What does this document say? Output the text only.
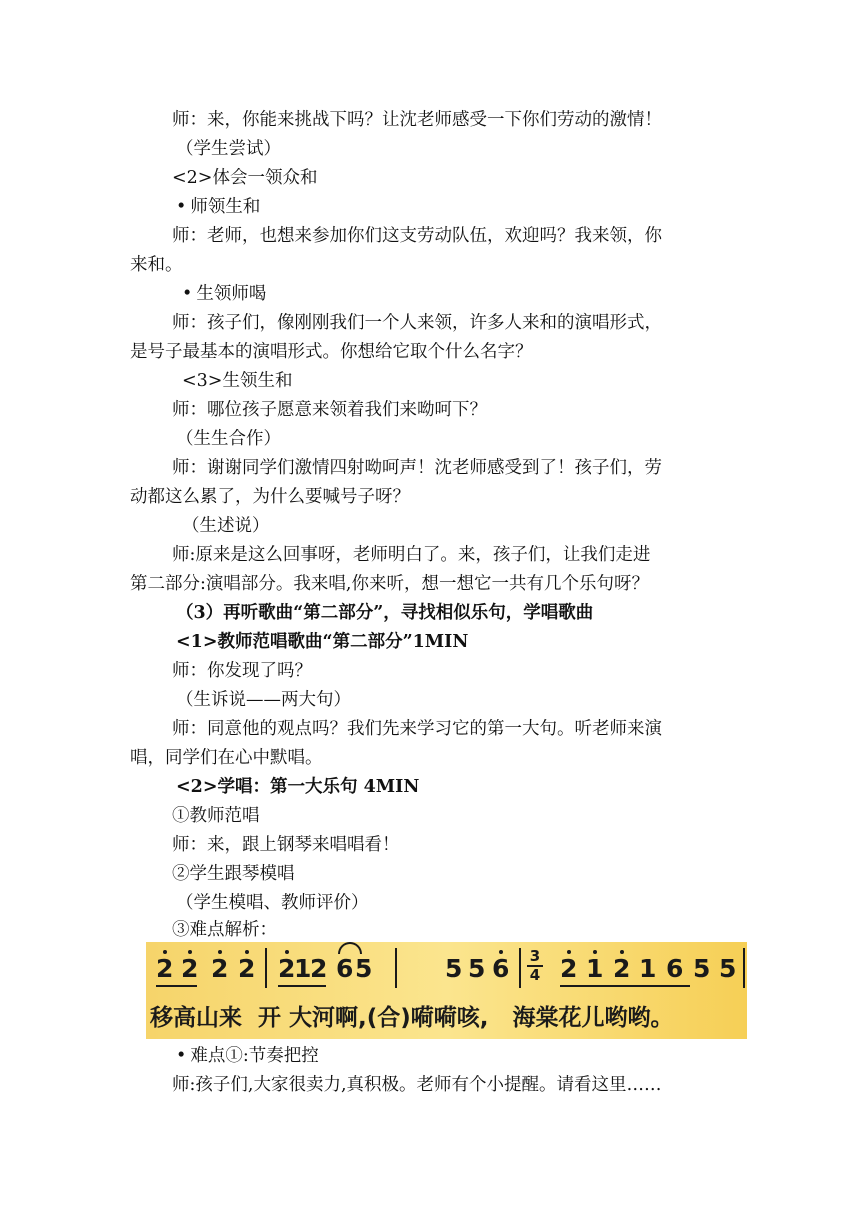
师：来，你能来挑战下吗？让沈老师感受一下你们劳动的激情！
（学生尝试）
<2>体会一领众和
• 师领生和
师：老师，也想来参加你们这支劳动队伍，欢迎吗？我来领，你
来和。
• 生领师喝
师：孩子们，像刚刚我们一个人来领，许多人来和的演唱形式，
是号子最基本的演唱形式。你想给它取个什么名字？
<3>生领生和
师：哪位孩子愿意来领着我们来呦呵下？
（生生合作）
师：谢谢同学们激情四射呦呵声！沈老师感受到了！孩子们，劳
动都这么累了，为什么要喊号子呀？
（生述说）
师:原来是这么回事呀，老师明白了。来，孩子们，让我们走进
第二部分:演唱部分。我来唱,你来听，想一想它一共有几个乐句呀？
（3）再听歌曲“第二部分”，寻找相似乐句，学唱歌曲
<1>教师范唱歌曲“第二部分”1MIN
师：你发现了吗？
（生诉说——两大句）
师：同意他的观点吗？我们先来学习它的第一大句。听老师来演
唱，同学们在心中默唱。
<2>学唱：第一大乐句 4MIN
①教师范唱
师：来，跟上钢琴来唱唱看！
②学生跟琴模唱
（学生模唱、教师评价）
③难点解析：
2 2 2 2 2
1
2 6 5	5 5 $6 \frac{3}{4} 2$ 1 2 1 6 5 5
移高山来  开 大河啊,(合)嗬嗬咳,   海棠花儿哟哟。
• 难点①:节奏把控
师:孩子们,大家很卖力,真积极。老师有个小提醒。请看这里……
